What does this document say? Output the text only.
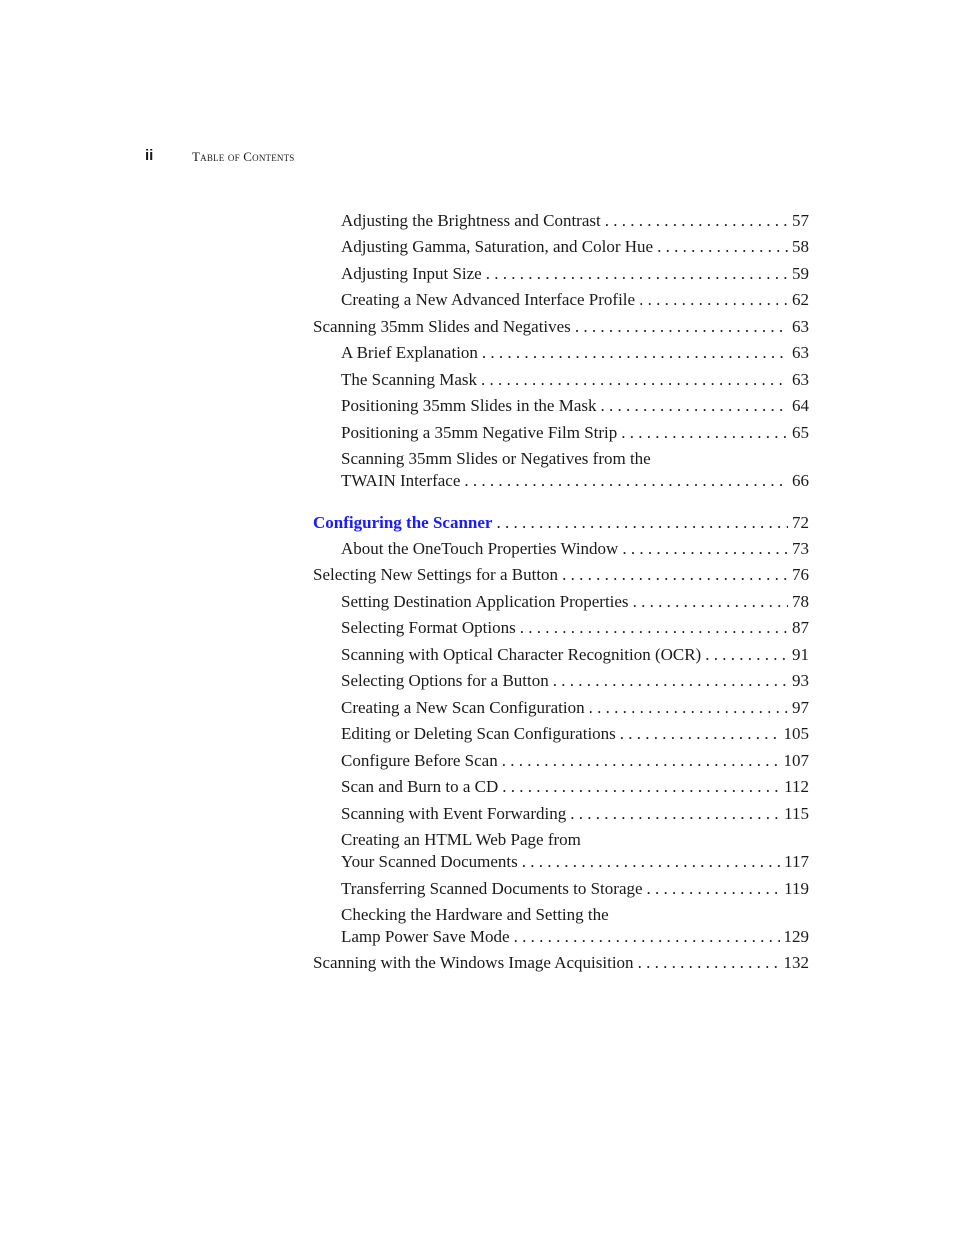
ii	Table of Contents
Adjusting the Brightness and Contrast . . .	57
Adjusting Gamma, Saturation, and Color Hue . . .	58
Adjusting Input Size . . .	59
Creating a New Advanced Interface Profile . . .	62
Scanning 35mm Slides and Negatives . . .	63
A Brief Explanation . . .	63
The Scanning Mask . . .	63
Positioning 35mm Slides in the Mask . . .	64
Positioning a 35mm Negative Film Strip . . .	65
Scanning 35mm Slides or Negatives from the
TWAIN Interface . . .	66
Configuring the Scanner . . .	72
About the OneTouch Properties Window . . .	73
Selecting New Settings for a Button . . .	76
Setting Destination Application Properties . . .	78
Selecting Format Options . . .	87
Scanning with Optical Character Recognition (OCR) . . .	91
Selecting Options for a Button . . .	93
Creating a New Scan Configuration . . .	97
Editing or Deleting Scan Configurations . . .	105
Configure Before Scan . . .	107
Scan and Burn to a CD . . .	112
Scanning with Event Forwarding . . .	115
Creating an HTML Web Page from
Your Scanned Documents . . .	117
Transferring Scanned Documents to Storage . . .	119
Checking the Hardware and Setting the
Lamp Power Save Mode . . .	129
Scanning with the Windows Image Acquisition . . .	132
